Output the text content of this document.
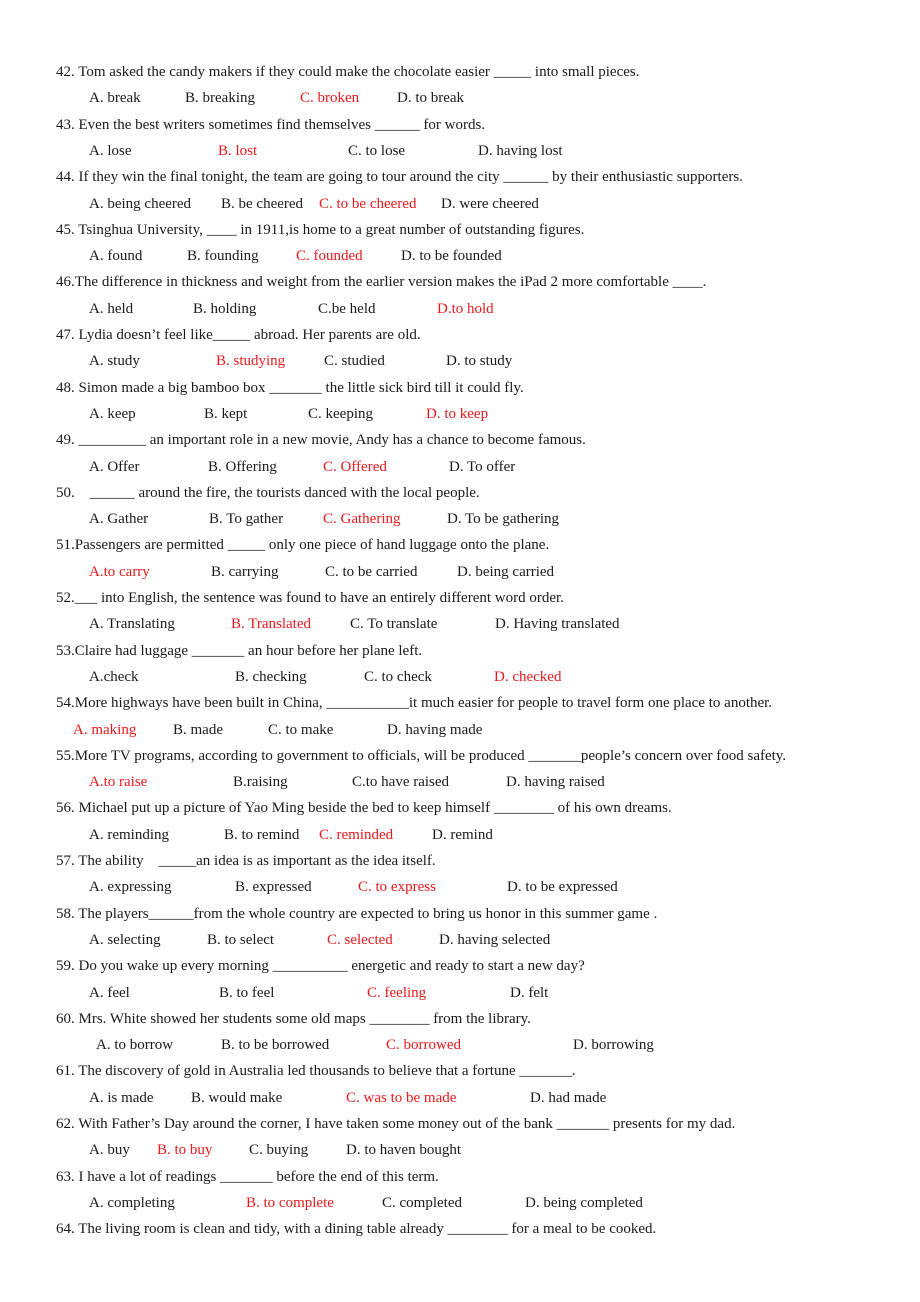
42. Tom asked the candy makers if they could make the chocolate easier _____ into small pieces.
A. break	B. breaking	C. broken	D. to break
43. Even the best writers sometimes find themselves ______ for words.
A. lose	B. lost	C. to lose	D. having lost
44. If they win the final tonight, the team are going to tour around the city ______ by their enthusiastic supporters.
A. being cheered B. be cheered C. to be cheered D. were cheered
45. Tsinghua University, ____ in 1911,is home to a great number of outstanding figures.
A. found	B. founding C. founded	D. to be founded
46.The difference in thickness and weight from the earlier version makes the iPad 2 more comfortable ____.
A. held	B. holding	C.be held	D.to hold
47. Lydia doesn’t feel like_____ abroad. Her parents are old.
A. study	B. studying	C. studied	D. to study
48. Simon made a big bamboo box _______ the little sick bird till it could fly.
A. keep	B. kept	C. keeping	D. to keep
49. _________ an important role in a new movie, Andy has a chance to become famous.
A. Offer	B. Offering	C. Offered	D. To offer
50.    ______ around the fire, the tourists danced with the local people.
A. Gather	B. To gather	C. Gathering	D. To be gathering
51.Passengers are permitted _____ only one piece of hand luggage onto the plane.
A.to carry	B. carrying	C. to be carried	D. being carried
52.___ into English, the sentence was found to have an entirely different word order.
A. Translating	B. Translated	C. To translate	D. Having translated
53.Claire had luggage _______ an hour before her plane left.
A.check	B. checking	C. to check	D. checked
54.More highways have been built in China, ___________it much easier for people to travel form one place to another.
A. making B. made	C. to make	D. having made
55.More TV programs, according to government to officials, will be produced _______people’s concern over food safety.
A.to raise	B.raising	C.to have raised	D. having raised
56. Michael put up a picture of Yao Ming beside the bed to keep himself ________ of his own dreams.
A. reminding	B. to remind C. reminded	D. remind
57. The ability    _____an idea is as important as the idea itself.
A. expressing	B. expressed	C. to express	D. to be expressed
58. The players______from the whole country are expected to bring us honor in this summer game .
A. selecting	B. to select	C. selected	D. having selected
59. Do you wake up every morning __________ energetic and ready to start a new day?
A. feel	B. to feel	C. feeling	D. felt
60. Mrs. White showed her students some old maps ________ from the library.
A. to borrow	B. to be borrowed	C. borrowed	D. borrowing
61. The discovery of gold in Australia led thousands to believe that a fortune _______.
A. is made B. would make	C. was to be made	D. had made
62. With Father’s Day around the corner, I have taken some money out of the bank _______ presents for my dad.
A. buy B. to buy C. buying	D. to haven bought
63. I have a lot of readings _______ before the end of this term.
A. completing	B. to complete	C. completed	D. being completed
64. The living room is clean and tidy, with a dining table already ________ for a meal to be cooked.
